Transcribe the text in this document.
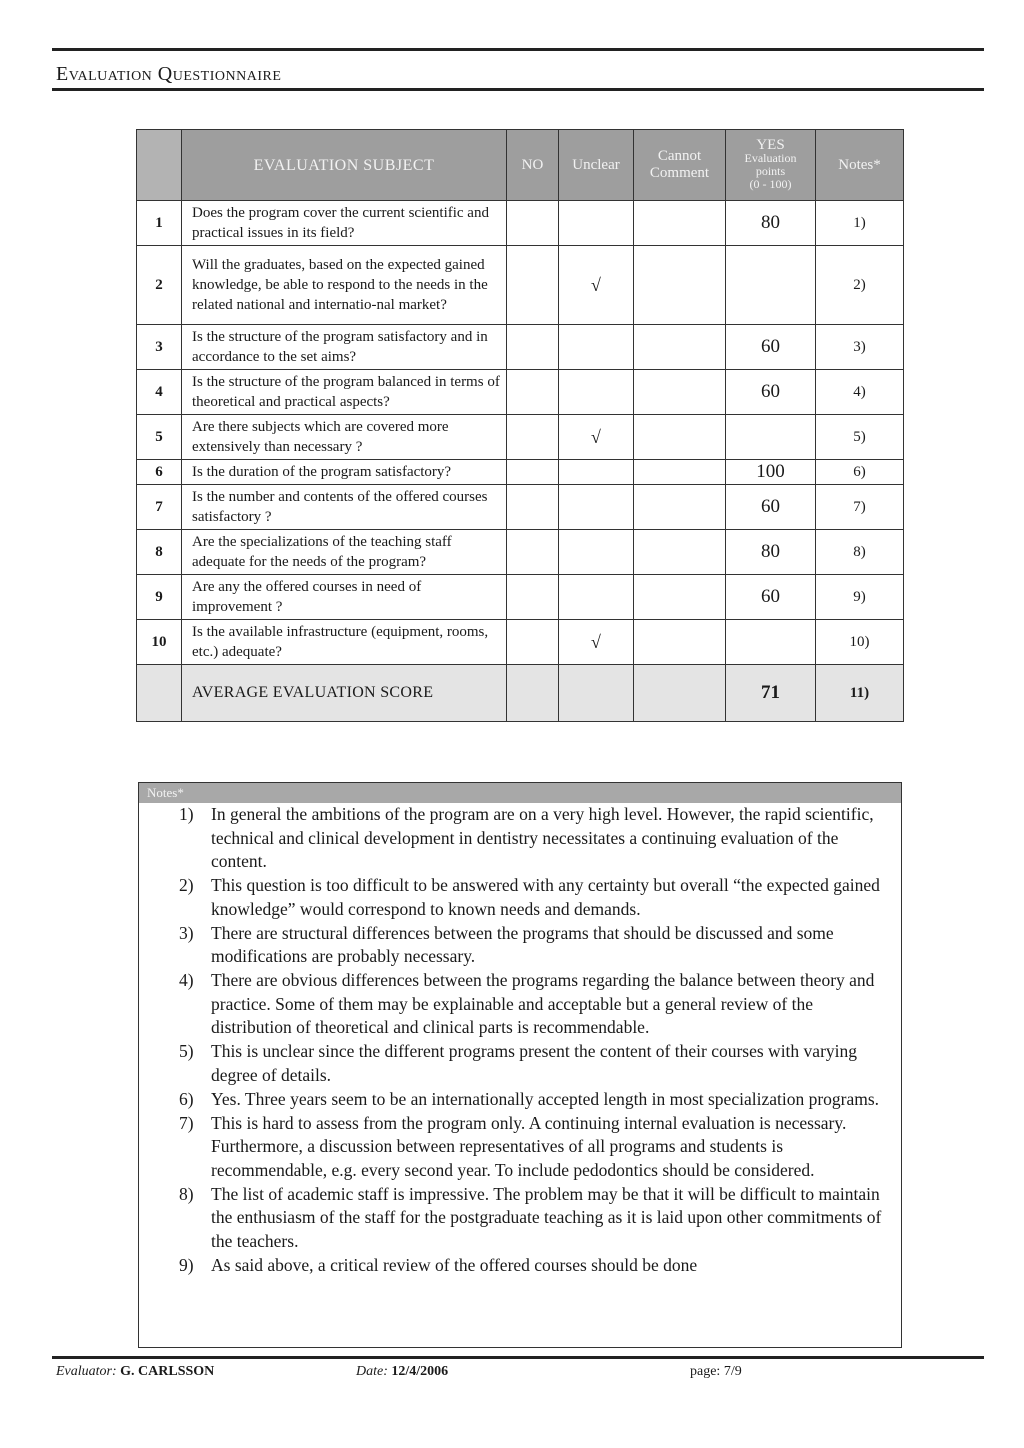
Evaluation Questionnaire
	EVALUATION SUBJECT	NO	Unclear	Cannot Comment	YES
Evaluation
points
(0 - 100)	Notes*
1	Does the program cover the current scientific and practical issues in its field?				80	1)
2	Will the graduates, based on the expected gained knowledge, be able to respond to the needs in the related national and internatio-nal market?		√			2)
3	Is the structure of the program satisfactory and in accordance to the set aims?				60	3)
4	Is the structure of the program balanced in terms of theoretical and practical aspects?				60	4)
5	Are there subjects which are covered more extensively than necessary ?		√			5)
6	Is the duration of the program satisfactory?				100	6)
7	Is the number and contents of the offered courses satisfactory ?				60	7)
8	Are the specializations of the teaching staff adequate for the needs of the program?				80	8)
9	Are any the offered courses in need of improvement ?				60	9)
10	Is the available infrastructure (equipment, rooms, etc.) adequate?		√			10)
	AVERAGE EVALUATION SCORE				71	11)
Notes*
1) In general the ambitions of the program are on a very high level. However, the rapid scientific, technical and clinical development in dentistry necessitates a continuing evaluation of the content.
2) This question is too difficult to be answered with any certainty but overall “the expected gained knowledge” would correspond to known needs and demands.
3) There are structural differences between the programs that should be discussed and some modifications are probably necessary.
4) There are obvious differences between the programs regarding the balance between theory and practice. Some of them may be explainable and acceptable but a general review of the distribution of theoretical and clinical parts is recommendable.
5) This is unclear since the different programs present the content of their courses with varying degree of details.
6) Yes. Three years seem to be an internationally accepted length in most specialization programs.
7) This is hard to assess from the program only. A continuing internal evaluation is necessary. Furthermore, a discussion between representatives of all programs and students is recommendable, e.g. every second year. To include pedodontics should be considered.
8) The list of academic staff is impressive. The problem may be that it will be difficult to maintain the enthusiasm of the staff for the postgraduate teaching as it is laid upon other commitments of the teachers.
9) As said above, a critical review of the offered courses should be done
Evaluator: G. CARLSSON	Date: 12/4/2006	page: 7/9
